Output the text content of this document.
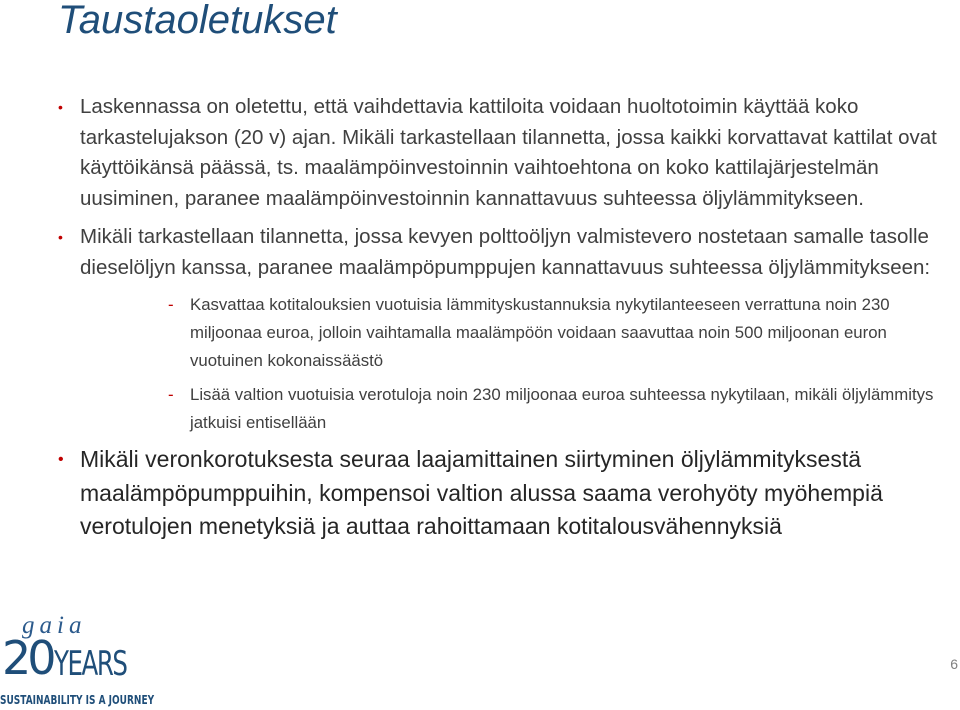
Taustaoletukset
• Laskennassa on oletettu, että vaihdettavia kattiloita voidaan huoltotoimin käyttää koko tarkastelujakson (20 v) ajan. Mikäli tarkastellaan tilannetta, jossa kaikki korvattavat kattilat ovat käyttöikänsä päässä, ts. maalämpöinvestoinnin vaihtoehtona on koko kattilajärjestelmän uusiminen, paranee maalämpöinvestoinnin kannattavuus suhteessa öljylämmitykseen.
• Mikäli tarkastellaan tilannetta, jossa kevyen polttoöljyn valmistevero nostetaan samalle tasolle dieselöljyn kanssa, paranee maalämpöpumppujen kannattavuus suhteessa öljylämmitykseen:
- Kasvattaa kotitalouksien vuotuisia lämmityskustannuksia nykytilanteeseen verrattuna noin 230 miljoonaa euroa, jolloin vaihtamalla maalämpöön voidaan saavuttaa noin 500 miljoonan euron vuotuinen kokonaissäästö
- Lisää valtion vuotuisia verotuloja noin 230 miljoonaa euroa suhteessa nykytilaan, mikäli öljylämmitys jatkuisi entisellään
• Mikäli veronkorotuksesta seuraa laajamittainen siirtyminen öljylämmityksestä maalämpöpumppuihin, kompensoi valtion alussa saama verohyöty myöhempiä verotulojen menetyksiä ja auttaa rahoittamaan kotitalousvähennyksiä
gaia
20 YEARS
SUSTAINABILITY IS A JOURNEY
6
